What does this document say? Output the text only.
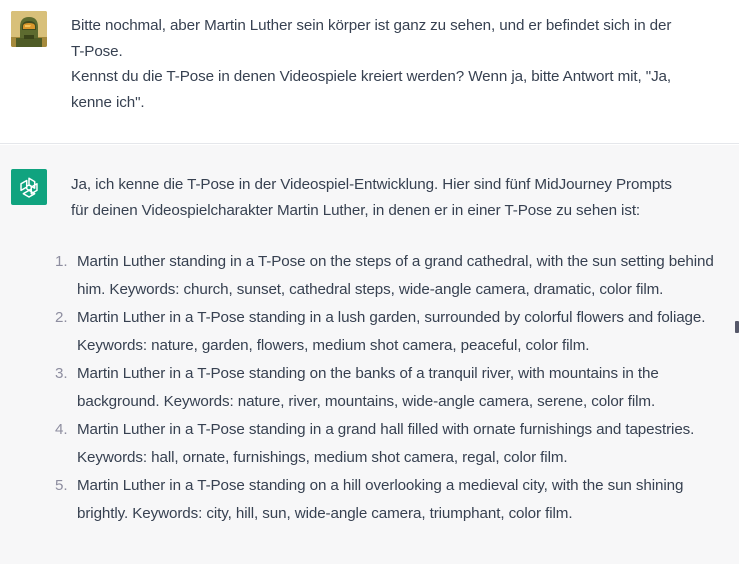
Bitte nochmal, aber Martin Luther sein körper ist ganz zu sehen, und er befindet sich in der

T-Pose.

Kennst du die T-Pose in denen Videospiele kreiert werden? Wenn ja, bitte Antwort mit, "Ja,

kenne ich".

Ja, ich kenne die T-Pose in der Videospiel-Entwicklung. Hier sind fünf MidJourney Prompts

für deinen Videospielcharakter Martin Luther, in denen er in einer T-Pose zu sehen ist:

1. Martin Luther standing in a T-Pose on the steps of a grand cathedral, with the sun setting behind him. Keywords: church, sunset, cathedral steps, wide-angle camera, dramatic, color film.
2. Martin Luther in a T-Pose standing in a lush garden, surrounded by colorful flowers and foliage. Keywords: nature, garden, flowers, medium shot camera, peaceful, color film.
3. Martin Luther in a T-Pose standing on the banks of a tranquil river, with mountains in the background. Keywords: nature, river, mountains, wide-angle camera, serene, color film.
4. Martin Luther in a T-Pose standing in a grand hall filled with ornate furnishings and tapestries. Keywords: hall, ornate, furnishings, medium shot camera, regal, color film.
5. Martin Luther in a T-Pose standing on a hill overlooking a medieval city, with the sun shining brightly. Keywords: city, hill, sun, wide-angle camera, triumphant, color film.
